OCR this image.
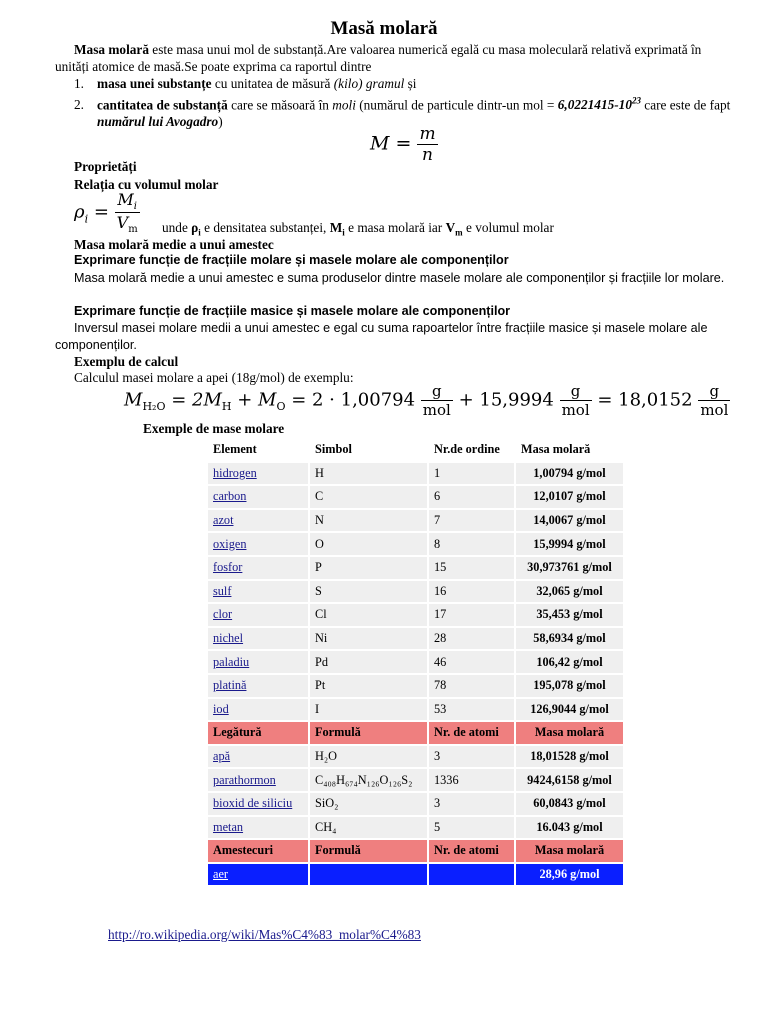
Masă molară
Masa molară este masa unui mol de substanță.Are valoarea numerică egală cu masa moleculară relativă exprimată în unități atomice de masă.Se poate exprima ca raportul dintre
1. masa unei substanțe cu unitatea de măsură (kilo) gramul și
2. cantitatea de substanță care se măsoară în moli (numărul de particule dintr-un mol = $6,0221415-10^{23}$ care este de fapt numărul lui Avogadro)
$M = \frac{m}{n}$
Proprietăți
Relația cu volumul molar
$\rho_i = \frac{M_i}{V_m}$ unde $\rho_i$ e densitatea substanței, $M_i$ e masa molară iar $V_m$ e volumul molar
Masa molară medie a unui amestec
Exprimare funcție de fracțiile molare și masele molare ale componenților
Masa molară medie a unui amestec e suma produselor dintre masele molare ale componenților și fracțiile lor molare.
Exprimare funcție de fracțiile masice și masele molare ale componenților
Inversul masei molare medii a unui amestec e egal cu suma rapoartelor între fracțiile masice și masele molare ale componenților.
Exemplu de calcul
Calculul masei molare a apei (18g/mol) de exemplu:
$M_{H_2O} = 2M_H + M_O = 2 \cdot 1,00794 \frac{g}{\text{mol}} + 15,9994 \frac{g}{\text{mol}} = 18,0152 \frac{g}{\text{mol}}$
Exemple de mase molare
Element	Simbol	Nr.de ordine	Masa molară
hidrogen	H	1	1,00794 g/mol
carbon	C	6	12,0107 g/mol
azot	N	7	14,0067 g/mol
oxigen	O	8	15,9994 g/mol
fosfor	P	15	30,973761 g/mol
sulf	S	16	32,065 g/mol
clor	Cl	17	35,453 g/mol
nichel	Ni	28	58,6934 g/mol
paladiu	Pd	46	106,42 g/mol
platină	Pt	78	195,078 g/mol
iod	I	53	126,9044 g/mol
Legătură	Formulă	Nr. de atomi	Masa molară
apă	H₂O	3	18,01528 g/mol
parathormon	C₄₀₈H₆₇₄N₁₂₆O₁₂₆S₂	1336	9424,6158 g/mol
bioxid de siliciu	SiO₂	3	60,0843 g/mol
metan	CH₄	5	16.043 g/mol
Amestecuri	Formulă	Nr. de atomi	Masa molară
aer			28,96 g/mol
http://ro.wikipedia.org/wiki/Mas%C4%83_molar%C4%83
